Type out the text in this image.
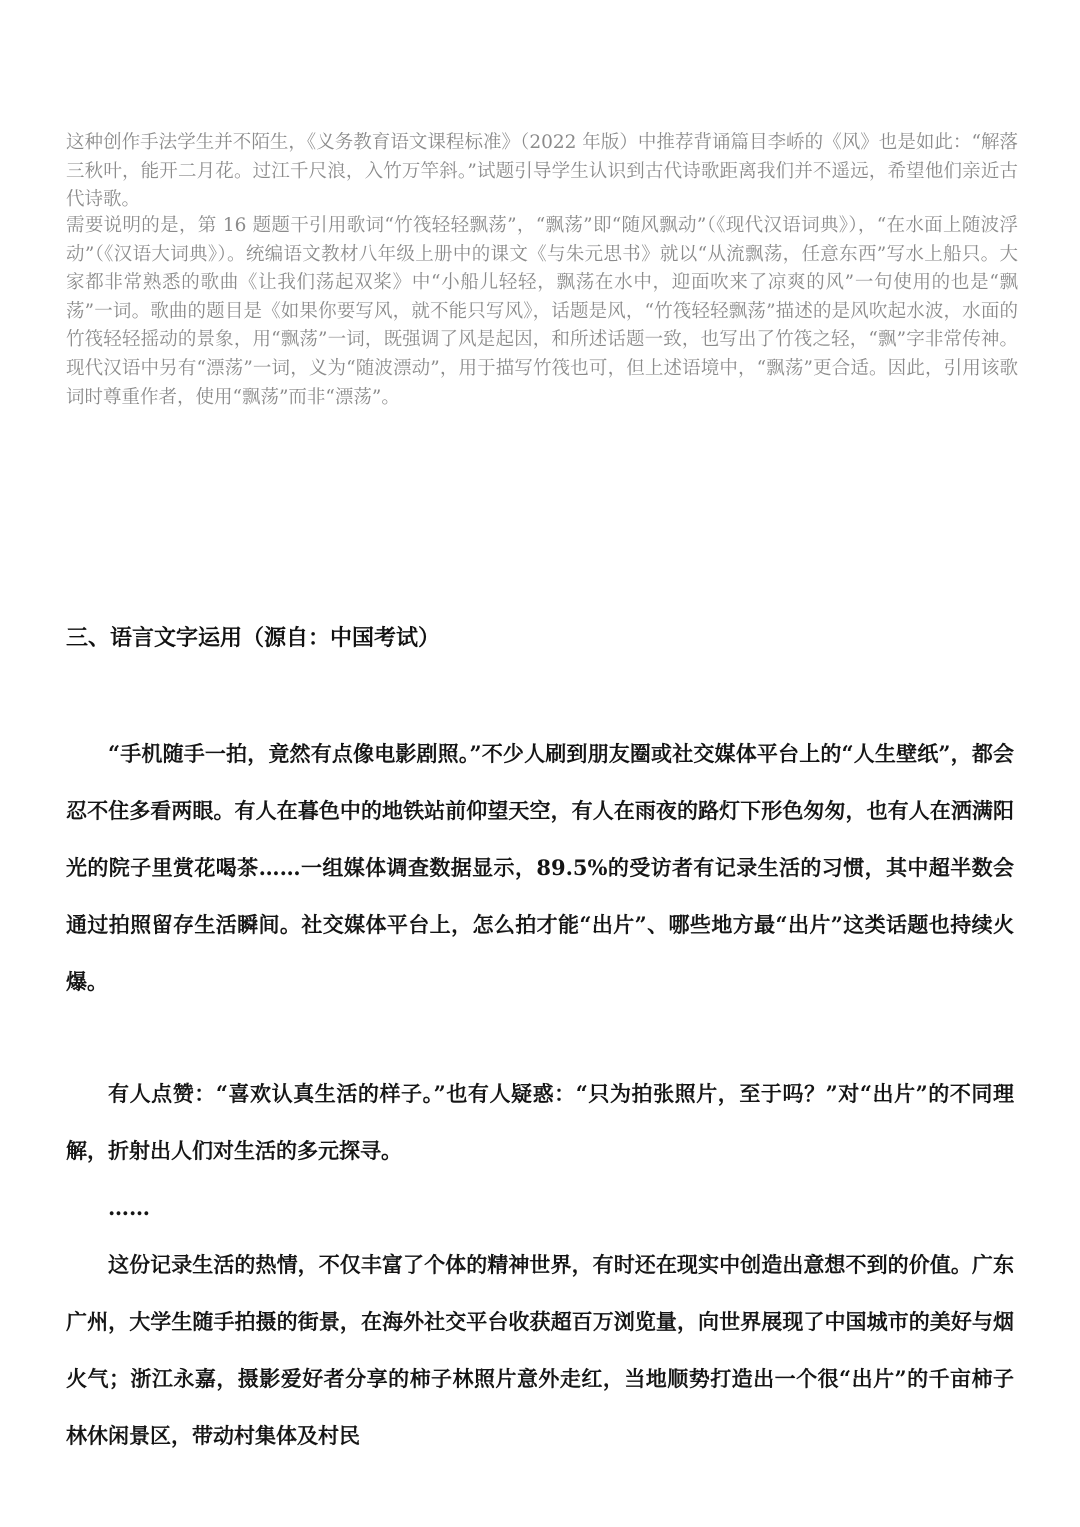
这种创作手法学生并不陌生，《义务教育语文课程标准》（2022 年版）中推荐背诵篇目李峤的《风》也是如此：“解落三秋叶，能开二月花。过江千尺浪，入竹万竿斜。”试题引导学生认识到古代诗歌距离我们并不遥远，希望他们亲近古代诗歌。

需要说明的是，第 16 题题干引用歌词“竹筏轻轻飘荡”，“飘荡”即“随风飘动”（《现代汉语词典》），“在水面上随波浮动”（《汉语大词典》）。统编语文教材八年级上册中的课文《与朱元思书》就以“从流飘荡，任意东西”写水上船只。大家都非常熟悉的歌曲《让我们荡起双桨》中“小船儿轻轻，飘荡在水中，迎面吹来了凉爽的风”一句使用的也是“飘荡”一词。歌曲的题目是《如果你要写风，就不能只写风》，话题是风，“竹筏轻轻飘荡”描述的是风吹起水波，水面的竹筏轻轻摇动的景象，用“飘荡”一词，既强调了风是起因，和所述话题一致，也写出了竹筏之轻，“飘”字非常传神。现代汉语中另有“漂荡”一词，义为“随波漂动”，用于描写竹筏也可，但上述语境中，“飘荡”更合适。因此，引用该歌词时尊重作者，使用“飘荡”而非“漂荡”。

三、语言文字运用（源自：中国考试）

“手机随手一拍，竟然有点像电影剧照。”不少人刷到朋友圈或社交媒体平台上的“人生壁纸”，都会忍不住多看两眼。有人在暮色中的地铁站前仰望天空，有人在雨夜的路灯下形色匆匆，也有人在洒满阳光的院子里赏花喝茶……一组媒体调查数据显示，89.5%的受访者有记录生活的习惯，其中超半数会通过拍照留存生活瞬间。社交媒体平台上，怎么拍才能“出片”、哪些地方最“出片”这类话题也持续火爆。

有人点赞：“喜欢认真生活的样子。”也有人疑惑：“只为拍张照片，至于吗？”对“出片”的不同理解，折射出人们对生活的多元探寻。

……

这份记录生活的热情，不仅丰富了个体的精神世界，有时还在现实中创造出意想不到的价值。广东广州，大学生随手拍摄的街景，在海外社交平台收获超百万浏览量，向世界展现了中国城市的美好与烟火气；浙江永嘉，摄影爱好者分享的柿子林照片意外走红，当地顺势打造出一个很“出片”的千亩柿子林休闲景区，带动村集体及村民
